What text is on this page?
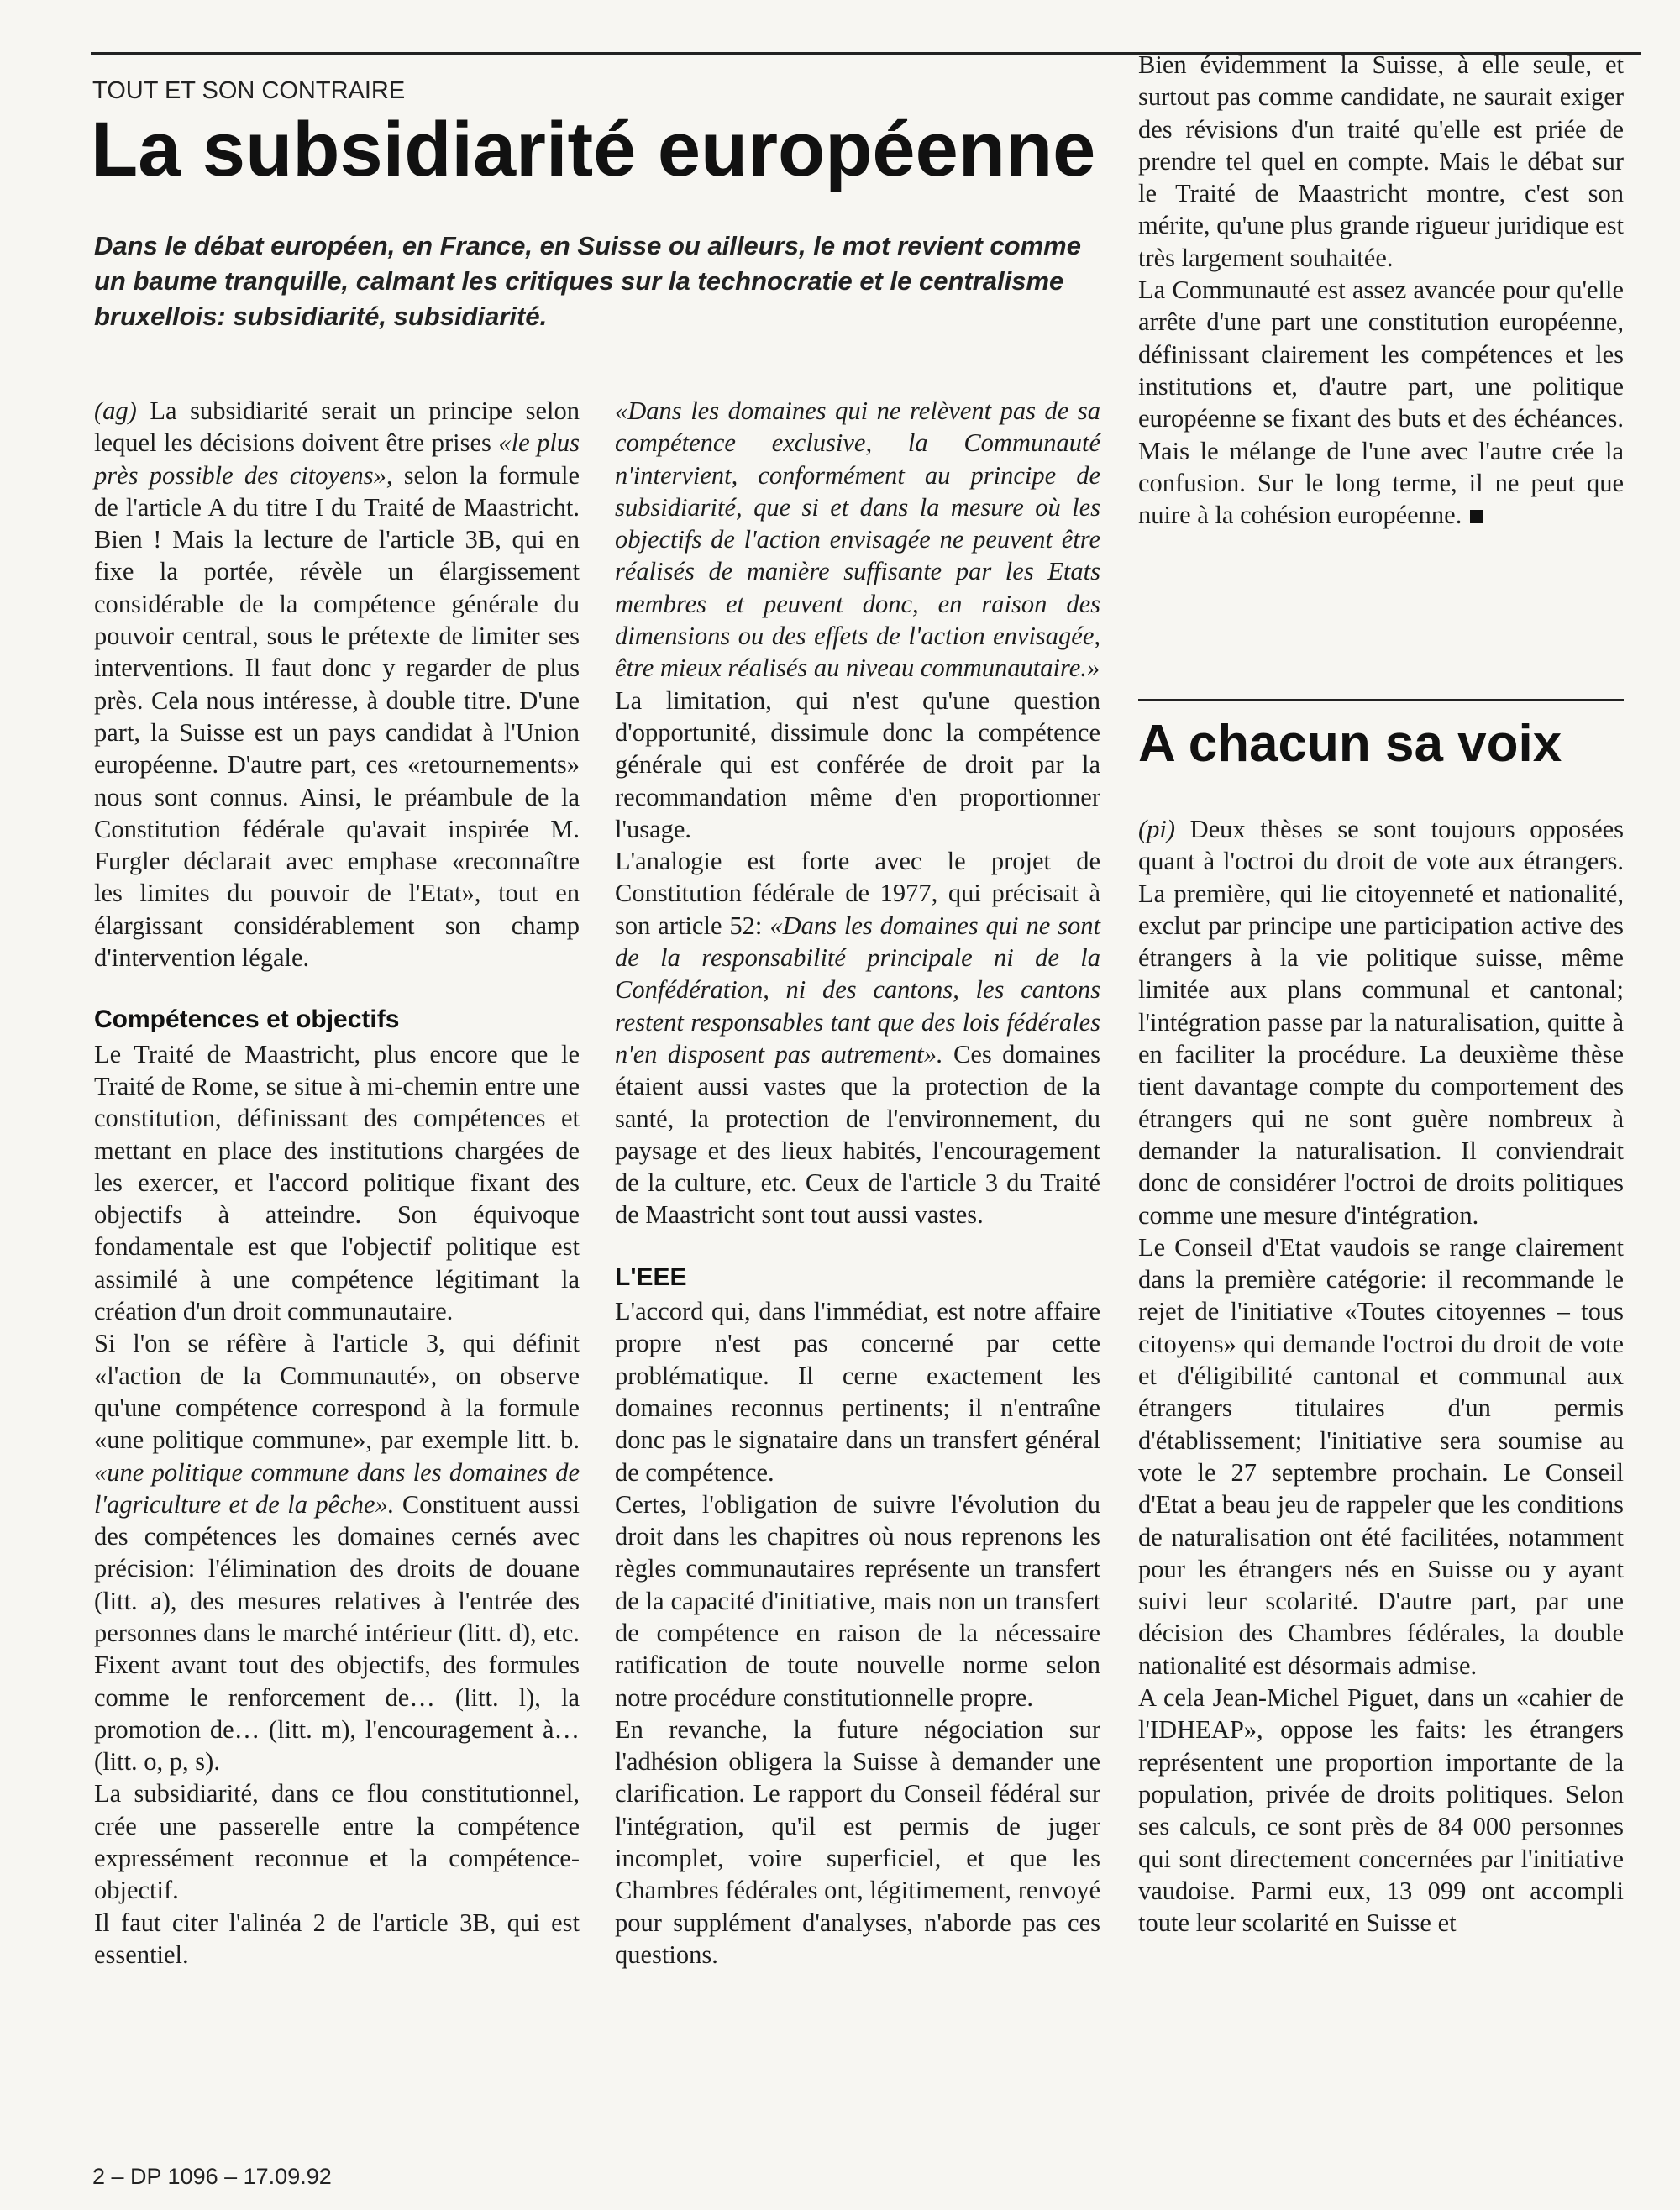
TOUT ET SON CONTRAIRE
La subsidiarité européenne

Dans le débat européen, en France, en Suisse ou ailleurs, le mot revient comme un baume tranquille, calmant les critiques sur la technocratie et le centralisme bruxellois: subsidiarité, subsidiarité.

(ag) La subsidiarité serait un principe selon lequel les décisions doivent être prises «le plus près possible des citoyens», selon la formule de l'article A du titre I du Traité de Maastricht. Bien ! Mais la lecture de l'article 3B, qui en fixe la portée, révèle un élargissement considérable de la compétence générale du pouvoir central, sous le prétexte de limiter ses interventions. Il faut donc y regarder de plus près. Cela nous intéresse, à double titre. D'une part, la Suisse est un pays candidat à l'Union européenne. D'autre part, ces «retournements» nous sont connus. Ainsi, le préambule de la Constitution fédérale qu'avait inspirée M. Furgler déclarait avec emphase «reconnaître les limites du pouvoir de l'Etat», tout en élargissant considérablement son champ d'intervention légale.

Compétences et objectifs

Le Traité de Maastricht, plus encore que le Traité de Rome, se situe à mi-chemin entre une constitution, définissant des compétences et mettant en place des institutions chargées de les exercer, et l'accord politique fixant des objectifs à atteindre. Son équivoque fondamentale est que l'objectif politique est assimilé à une compétence légitimant la création d'un droit communautaire.

Si l'on se réfère à l'article 3, qui définit «l'action de la Communauté», on observe qu'une compétence correspond à la formule «une politique commune», par exemple litt. b. «une politique commune dans les domaines de l'agriculture et de la pêche». Constituent aussi des compétences les domaines cernés avec précision: l'élimination des droits de douane (litt. a), des mesures relatives à l'entrée des personnes dans le marché intérieur (litt. d), etc. Fixent avant tout des objectifs, des formules comme le renforcement de… (litt. l), la promotion de… (litt. m), l'encouragement à… (litt. o, p, s).

La subsidiarité, dans ce flou constitutionnel, crée une passerelle entre la compétence expressément reconnue et la compétence-objectif.

Il faut citer l'alinéa 2 de l'article 3B, qui est essentiel.

«Dans les domaines qui ne relèvent pas de sa compétence exclusive, la Communauté n'intervient, conformément au principe de subsidiarité, que si et dans la mesure où les objectifs de l'action envisagée ne peuvent être réalisés de manière suffisante par les Etats membres et peuvent donc, en raison des dimensions ou des effets de l'action envisagée, être mieux réalisés au niveau communautaire.»

La limitation, qui n'est qu'une question d'opportunité, dissimule donc la compétence générale qui est conférée de droit par la recommandation même d'en proportionner l'usage.

L'analogie est forte avec le projet de Constitution fédérale de 1977, qui précisait à son article 52: «Dans les domaines qui ne sont de la responsabilité principale ni de la Confédération, ni des cantons, les cantons restent responsables tant que des lois fédérales n'en disposent pas autrement». Ces domaines étaient aussi vastes que la protection de la santé, la protection de l'environnement, du paysage et des lieux habités, l'encouragement de la culture, etc. Ceux de l'article 3 du Traité de Maastricht sont tout aussi vastes.

L'EEE

L'accord qui, dans l'immédiat, est notre affaire propre n'est pas concerné par cette problématique. Il cerne exactement les domaines reconnus pertinents; il n'entraîne donc pas le signataire dans un transfert général de compétence.

Certes, l'obligation de suivre l'évolution du droit dans les chapitres où nous reprenons les règles communautaires représente un transfert de la capacité d'initiative, mais non un transfert de compétence en raison de la nécessaire ratification de toute nouvelle norme selon notre procédure constitutionnelle propre.

En revanche, la future négociation sur l'adhésion obligera la Suisse à demander une clarification. Le rapport du Conseil fédéral sur l'intégration, qu'il est permis de juger incomplet, voire superficiel, et que les Chambres fédérales ont, légitimement, renvoyé pour supplément d'analyses, n'aborde pas ces questions.

Bien évidemment la Suisse, à elle seule, et surtout pas comme candidate, ne saurait exiger des révisions d'un traité qu'elle est priée de prendre tel quel en compte. Mais le débat sur le Traité de Maastricht montre, c'est son mérite, qu'une plus grande rigueur juridique est très largement souhaitée.

La Communauté est assez avancée pour qu'elle arrête d'une part une constitution européenne, définissant clairement les compétences et les institutions et, d'autre part, une politique européenne se fixant des buts et des échéances. Mais le mélange de l'une avec l'autre crée la confusion. Sur le long terme, il ne peut que nuire à la cohésion européenne.

A chacun sa voix

(pi) Deux thèses se sont toujours opposées quant à l'octroi du droit de vote aux étrangers. La première, qui lie citoyenneté et nationalité, exclut par principe une participation active des étrangers à la vie politique suisse, même limitée aux plans communal et cantonal; l'intégration passe par la naturalisation, quitte à en faciliter la procédure. La deuxième thèse tient davantage compte du comportement des étrangers qui ne sont guère nombreux à demander la naturalisation. Il conviendrait donc de considérer l'octroi de droits politiques comme une mesure d'intégration.

Le Conseil d'Etat vaudois se range clairement dans la première catégorie: il recommande le rejet de l'initiative «Toutes citoyennes – tous citoyens» qui demande l'octroi du droit de vote et d'éligibilité cantonal et communal aux étrangers titulaires d'un permis d'établissement; l'initiative sera soumise au vote le 27 septembre prochain. Le Conseil d'Etat a beau jeu de rappeler que les conditions de naturalisation ont été facilitées, notamment pour les étrangers nés en Suisse ou y ayant suivi leur scolarité. D'autre part, par une décision des Chambres fédérales, la double nationalité est désormais admise.

A cela Jean-Michel Piguet, dans un «cahier de l'IDHEAP», oppose les faits: les étrangers représentent une proportion importante de la population, privée de droits politiques. Selon ses calculs, ce sont près de 84 000 personnes qui sont directement concernées par l'initiative vaudoise. Parmi eux, 13 099 ont accompli toute leur scolarité en Suisse et

2 – DP 1096 – 17.09.92
